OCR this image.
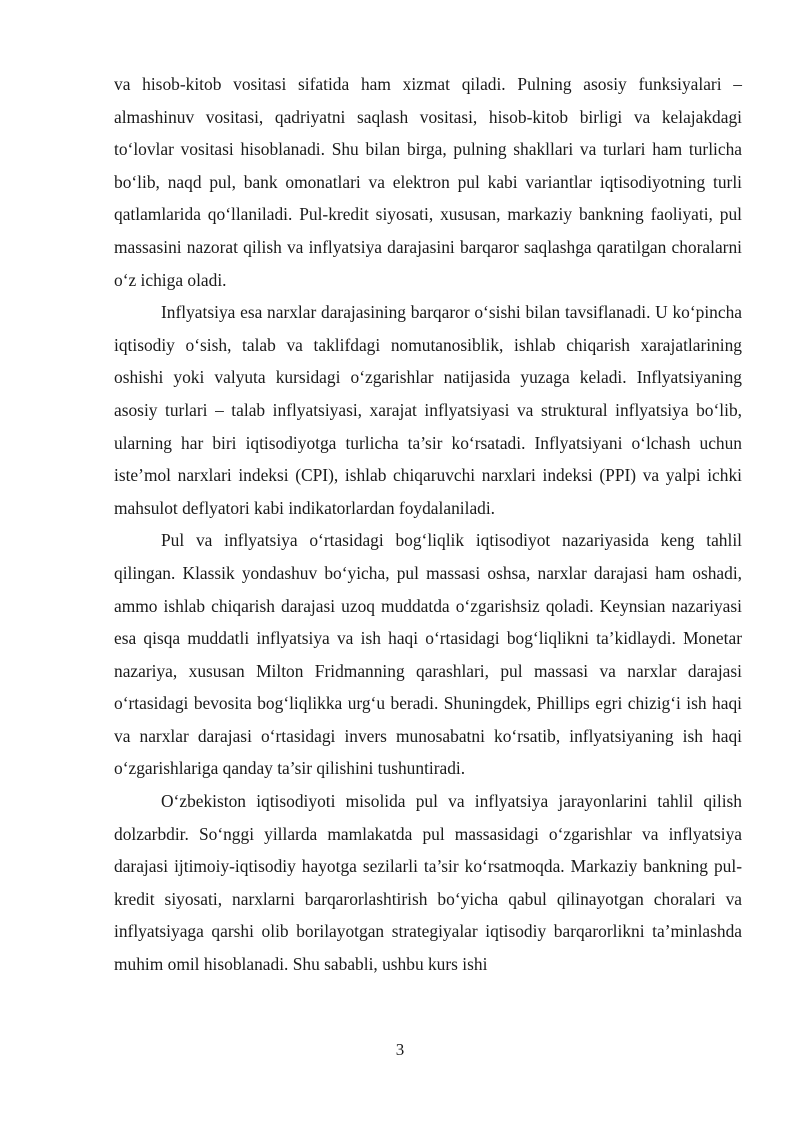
va hisob-kitob vositasi sifatida ham xizmat qiladi. Pulning asosiy funksiyalari – almashinuv vositasi, qadriyatni saqlash vositasi, hisob-kitob birligi va kelajakdagi to‘lovlar vositasi hisoblanadi. Shu bilan birga, pulning shakllari va turlari ham turlicha bo‘lib, naqd pul, bank omonatlari va elektron pul kabi variantlar iqtisodiyotning turli qatlamlarida qo‘llaniladi. Pul-kredit siyosati, xususan, markaziy bankning faoliyati, pul massasini nazorat qilish va inflyatsiya darajasini barqaror saqlashga qaratilgan choralarni o‘z ichiga oladi.

Inflyatsiya esa narxlar darajasining barqaror o‘sishi bilan tavsiflanadi. U ko‘pincha iqtisodiy o‘sish, talab va taklifdagi nomutanosiblik, ishlab chiqarish xarajatlarining oshishi yoki valyuta kursidagi o‘zgarishlar natijasida yuzaga keladi. Inflyatsiyaning asosiy turlari – talab inflyatsiyasi, xarajat inflyatsiyasi va struktural inflyatsiya bo‘lib, ularning har biri iqtisodiyotga turlicha ta’sir ko‘rsatadi. Inflyatsiyani o‘lchash uchun iste’mol narxlari indeksi (CPI), ishlab chiqaruvchi narxlari indeksi (PPI) va yalpi ichki mahsulot deflyatori kabi indikatorlardan foydalaniladi.

Pul va inflyatsiya o‘rtasidagi bog‘liqlik iqtisodiyot nazariyasida keng tahlil qilingan. Klassik yondashuv bo‘yicha, pul massasi oshsa, narxlar darajasi ham oshadi, ammo ishlab chiqarish darajasi uzoq muddatda o‘zgarishsiz qoladi. Keynsian nazariyasi esa qisqa muddatli inflyatsiya va ish haqi o‘rtasidagi bog‘liqlikni ta’kidlaydi. Monetar nazariya, xususan Milton Fridmanning qarashlari, pul massasi va narxlar darajasi o‘rtasidagi bevosita bog‘liqlikka urg‘u beradi. Shuningdek, Phillips egri chizig‘i ish haqi va narxlar darajasi o‘rtasidagi invers munosabatni ko‘rsatib, inflyatsiyaning ish haqi o‘zgarishlariga qanday ta’sir qilishini tushuntiradi.

O‘zbekiston iqtisodiyoti misolida pul va inflyatsiya jarayonlarini tahlil qilish dolzarbdir. So‘nggi yillarda mamlakatda pul massasidagi o‘zgarishlar va inflyatsiya darajasi ijtimoiy-iqtisodiy hayotga sezilarli ta’sir ko‘rsatmoqda. Markaziy bankning pul-kredit siyosati, narxlarni barqarorlashtirish bo‘yicha qabul qilinayotgan choralari va inflyatsiyaga qarshi olib borilayotgan strategiyalar iqtisodiy barqarorlikni ta’minlashda muhim omil hisoblanadi. Shu sababli, ushbu kurs ishi

3
